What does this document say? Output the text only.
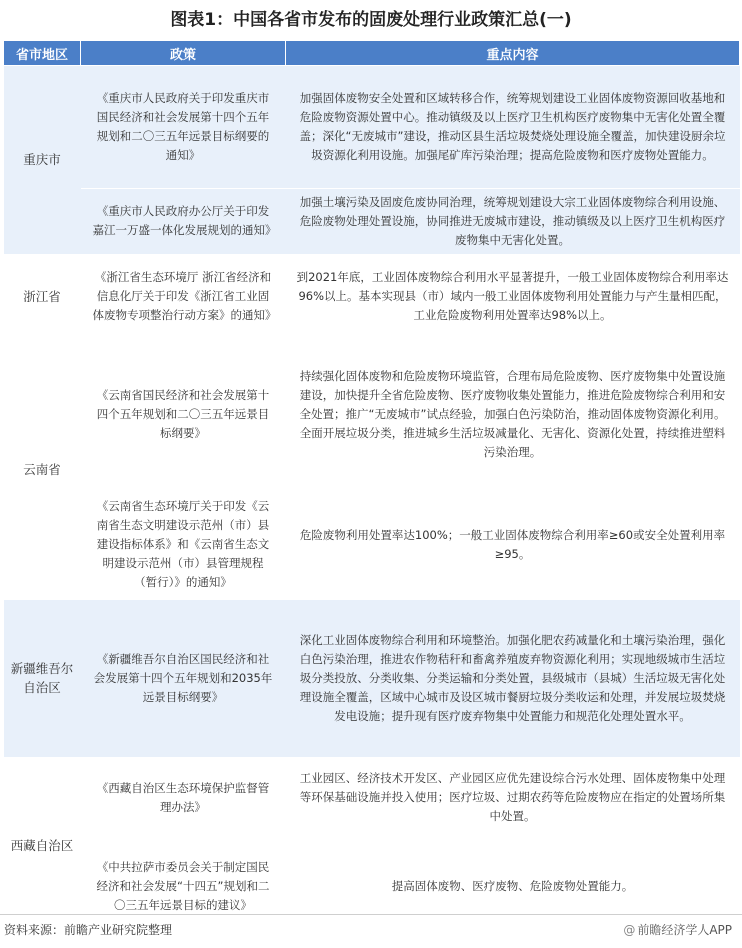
图表1：中国各省市发布的固废处理行业政策汇总(一)
省市地区	政策	重点内容
重庆市	《重庆市人民政府关于印发重庆市国民经济和社会发展第十四个五年规划和二〇三五年远景目标纲要的通知》	加强固体废物安全处置和区域转移合作，统筹规划建设工业固体废物资源回收基地和危险废物资源处置中心。推动镇级及以上医疗卫生机构医疗废物集中无害化处置全覆盖；深化“无废城市”建设，推动区县生活垃圾焚烧处理设施全覆盖，加快建设厨余垃圾资源化利用设施。加强尾矿库污染治理；提高危险废物和医疗废物处置能力。
	《重庆市人民政府办公厅关于印发嘉江一万盛一体化发展规划的通知》	加强土壤污染及固废危废协同治理，统筹规划建设大宗工业固体废物综合利用设施、危险废物处理处置设施，协同推进无废城市建设，推动镇级及以上医疗卫生机构医疗废物集中无害化处置。
浙江省	《浙江省生态环境厅 浙江省经济和信息化厅关于印发《浙江省工业固体废物专项整治行动方案》的通知》	到2021年底，工业固体废物综合利用水平显著提升，一般工业固体废物综合利用率达96%以上。基本实现县（市）域内一般工业固体废物利用处置能力与产生量相匹配，工业危险废物利用处置率达98%以上。
云南省	《云南省国民经济和社会发展第十四个五年规划和二〇三五年远景目标纲要》	持续强化固体废物和危险废物环境监管，合理布局危险废物、医疗废物集中处置设施建设，加快提升全省危险废物、医疗废物收集处置能力，推进危险废物综合利用和安全处置；推广“无废城市”试点经验，加强白色污染防治，推动固体废物资源化利用。全面开展垃圾分类，推进城乡生活垃圾减量化、无害化、资源化处置，持续推进塑料污染治理。
	《云南省生态环境厅关于印发《云南省生态文明建设示范州（市）县建设指标体系》和《云南省生态文明建设示范州（市）县管理规程（暂行）》的通知》	危险废物利用处置率达100%；一般工业固体废物综合利用率≥60或安全处置利用率≥95。
新疆维吾尔自治区	《新疆维吾尔自治区国民经济和社会发展第十四个五年规划和2035年远景目标纲要》	深化工业固体废物综合利用和环境整治。加强化肥农药减量化和土壤污染治理，强化白色污染治理，推进农作物秸秆和畜禽养殖废弃物资源化利用；实现地级城市生活垃圾分类投放、分类收集、分类运输和分类处置，县级城市（县城）生活垃圾无害化处理设施全覆盖，区域中心城市及设区城市餐厨垃圾分类收运和处理，并发展垃圾焚烧发电设施；提升现有医疗废弃物集中处置能力和规范化处理处置水平。
西藏自治区	《西藏自治区生态环境保护监督管理办法》	工业园区、经济技术开发区、产业园区应优先建设综合污水处理、固体废物集中处理等环保基础设施并投入使用；医疗垃圾、过期农药等危险废物应在指定的处置场所集中处置。
	《中共拉萨市委员会关于制定国民经济和社会发展“十四五”规划和二〇三五年远景目标的建议》	提高固体废物、医疗废物、危险废物处置能力。
资料来源：前瞻产业研究院整理	@ 前瞻经济学人APP
